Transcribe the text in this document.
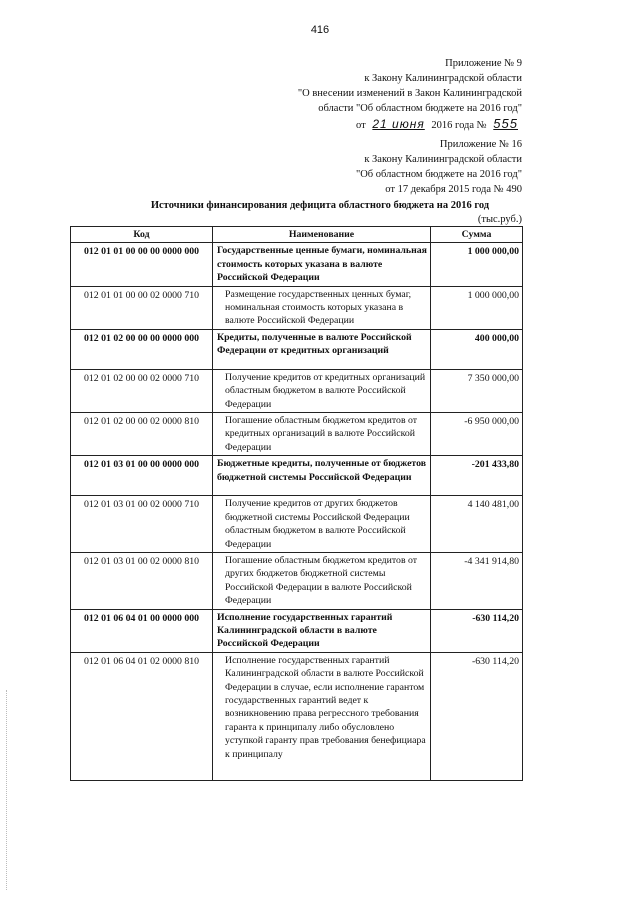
416
Приложение № 9
к Закону Калининградской области
"О внесении изменений в Закон Калининградской
области "Об областном бюджете на 2016 год"
от 21 июня 2016 года № 555
Приложение № 16
к Закону Калининградской области
"Об областном бюджете на 2016 год"
от 17 декабря 2015 года № 490
Источники финансирования дефицита областного бюджета на 2016 год
(тыс.руб.)
Код	Наименование	Сумма
012 01 01 00 00 00 0000 000	Государственные ценные бумаги, номинальная стоимость которых указана в валюте Российской Федерации	1 000 000,00
012 01 01 00 00 02 0000 710	Размещение государственных ценных бумаг, номинальная стоимость которых указана в валюте Российской Федерации	1 000 000,00
012 01 02 00 00 00 0000 000	Кредиты, полученные в валюте Российской Федерации от кредитных организаций	400 000,00
012 01 02 00 00 02 0000 710	Получение кредитов от кредитных организаций областным бюджетом в валюте Российской Федерации	7 350 000,00
012 01 02 00 00 02 0000 810	Погашение областным бюджетом кредитов от кредитных организаций в валюте Российской Федерации	-6 950 000,00
012 01 03 01 00 00 0000 000	Бюджетные кредиты, полученные от бюджетов бюджетной системы Российской Федерации	-201 433,80
012 01 03 01 00 02 0000 710	Получение кредитов от других бюджетов бюджетной системы Российской Федерации областным бюджетом в валюте Российской Федерации	4 140 481,00
012 01 03 01 00 02 0000 810	Погашение областным бюджетом кредитов от других бюджетов бюджетной системы Российской Федерации в валюте Российской Федерации	-4 341 914,80
012 01 06 04 01 00 0000 000	Исполнение государственных гарантий Калининградской области в валюте Российской Федерации	-630 114,20
012 01 06 04 01 02 0000 810	Исполнение государственных гарантий Калининградской области в валюте Российской Федерации в случае, если исполнение гарантом государственных гарантий ведет к возникновению права регрессного требования гаранта к принципалу либо обусловлено уступкой гаранту прав требования бенефициара к принципалу	-630 114,20
